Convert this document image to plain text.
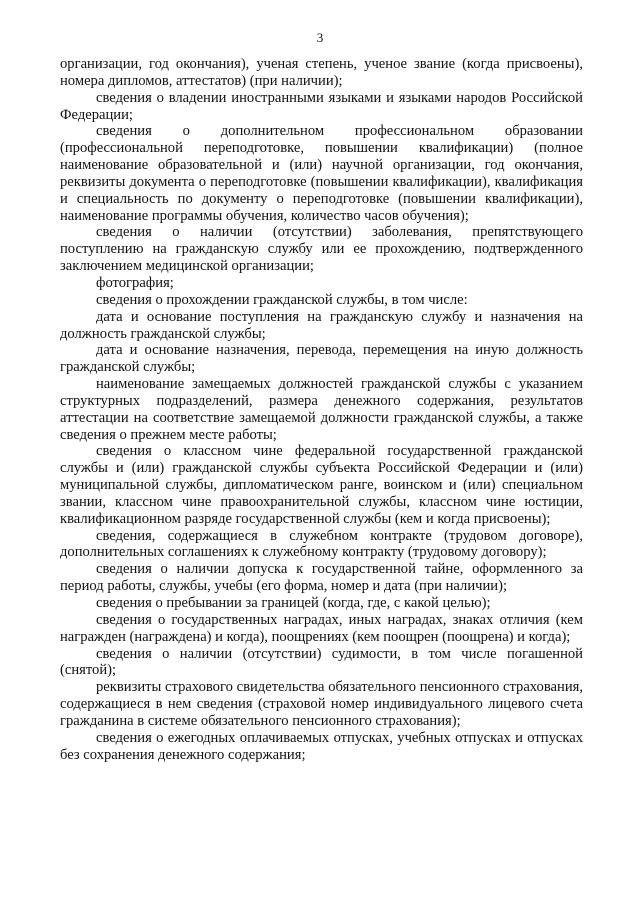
3

организации, год окончания), ученая степень, ученое звание (когда присвоены), номера дипломов, аттестатов) (при наличии);

сведения о владении иностранными языками и языками народов Российской Федерации;

сведения о дополнительном профессиональном образовании (профессиональной переподготовке, повышении квалификации) (полное наименование образовательной и (или) научной организации, год окончания, реквизиты документа о переподготовке (повышении квалификации), квалификация и специальность по документу о переподготовке (повышении квалификации), наименование программы обучения, количество часов обучения);

сведения о наличии (отсутствии) заболевания, препятствующего поступлению на гражданскую службу или ее прохождению, подтвержденного заключением медицинской организации;

фотография;

сведения о прохождении гражданской службы, в том числе:

дата и основание поступления на гражданскую службу и назначения на должность гражданской службы;

дата и основание назначения, перевода, перемещения на иную должность гражданской службы;

наименование замещаемых должностей гражданской службы с указанием структурных подразделений, размера денежного содержания, результатов аттестации на соответствие замещаемой должности гражданской службы, а также сведения о прежнем месте работы;

сведения о классном чине федеральной государственной гражданской службы и (или) гражданской службы субъекта Российской Федерации и (или) муниципальной службы, дипломатическом ранге, воинском и (или) специальном звании, классном чине правоохранительной службы, классном чине юстиции, квалификационном разряде государственной службы (кем и когда присвоены);

сведения, содержащиеся в служебном контракте (трудовом договоре), дополнительных соглашениях к служебному контракту (трудовому договору);

сведения о наличии допуска к государственной тайне, оформленного за период работы, службы, учебы (его форма, номер и дата (при наличии);

сведения о пребывании за границей (когда, где, с какой целью);

сведения о государственных наградах, иных наградах, знаках отличия (кем награжден (награждена) и когда), поощрениях (кем поощрен (поощрена) и когда);

сведения о наличии (отсутствии) судимости, в том числе погашенной (снятой);

реквизиты страхового свидетельства обязательного пенсионного страхования, содержащиеся в нем сведения (страховой номер индивидуального лицевого счета гражданина в системе обязательного пенсионного страхования);

сведения о ежегодных оплачиваемых отпусках, учебных отпусках и отпусках без сохранения денежного содержания;
